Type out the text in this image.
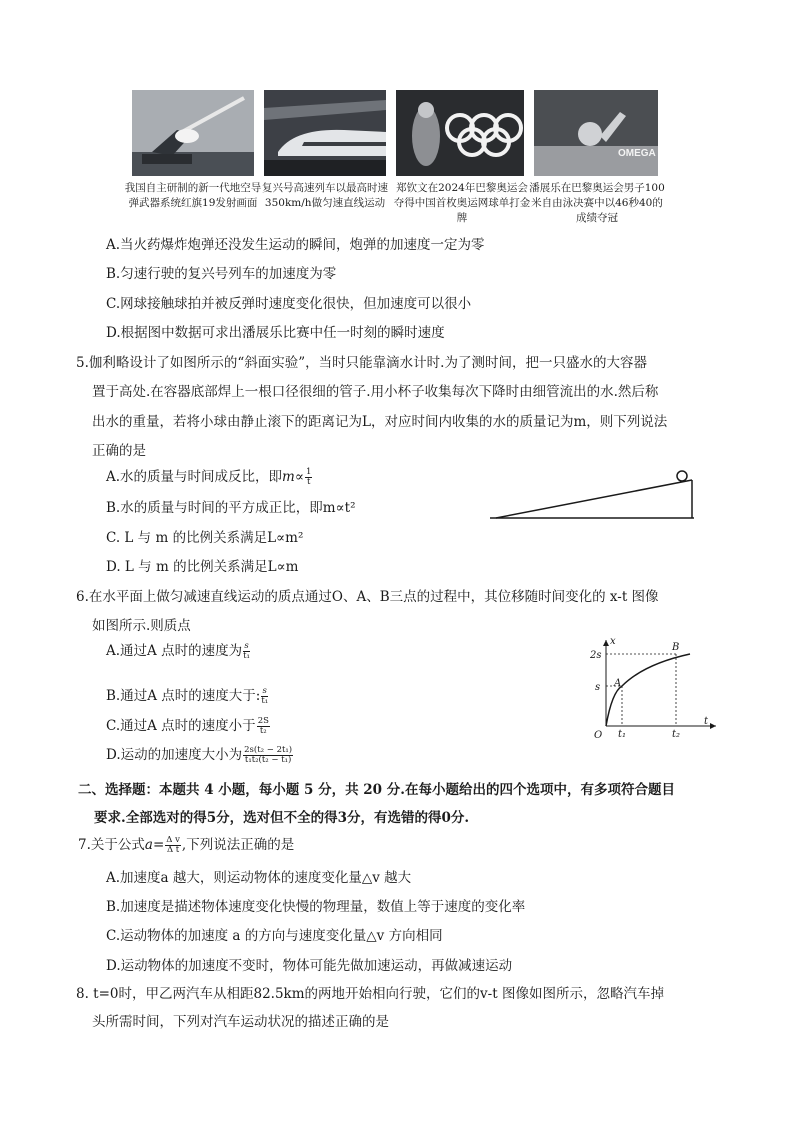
OMEGA
我国自主研制的新一代地空导弹武器系统红旗19发射画面
复兴号高速列车以最高时速350km/h做匀速直线运动
郑钦文在2024年巴黎奥运会夺得中国首枚奥运网球单打金牌
潘展乐在巴黎奥运会男子100米自由泳决赛中以46秒40的成绩夺冠
A.当火药爆炸炮弹还没发生运动的瞬间，炮弹的加速度一定为零
B.匀速行驶的复兴号列车的加速度为零
C.网球接触球拍并被反弹时速度变化很快，但加速度可以很小
D.根据图中数据可求出潘展乐比赛中任一时刻的瞬时速度
5.伽利略设计了如图所示的“斜面实验”，当时只能靠滴水计时.为了测时间，把一只盛水的大容器
置于高处.在容器底部焊上一根口径很细的管子.用小杯子收集每次下降时由细管流出的水.然后称
出水的重量，若将小球由静止滚下的距离记为L，对应时间内收集的水的质量记为m，则下列说法
正确的是
A.水的质量与时间成反比，即$m\propto \frac{1}{t}$
B.水的质量与时间的平方成正比，即m∝t²
C. L 与 m 的比例关系满足L∝m²
D. L 与 m 的比例关系满足L∝m
6.在水平面上做匀减速直线运动的质点通过O、A、B三点的过程中，其位移随时间变化的 x-t 图像
如图所示.则质点
A.通过A 点时的速度为 $\frac{s}{\text{t₁}}$
B.通过A 点时的速度大于: $\frac{s}{\text{t₁}}$
C.通过A 点时的速度小于 $\frac{2S}{\text{t₂}}$
D.运动的加速度大小为 $\frac{\text{2s(t₂ − 2t₁)}}{\text{t₁t₂(t₂ − t₁)}}$
x
t
O
A
B
s
2s
t₁	t₂
二、选择题：本题共 4 小题，每小题 5 分，共 20 分.在每小题给出的四个选项中，有多项符合题目
要求.全部选对的得5分，选对但不全的得3分，有选错的得0分.
7.关于公式$a= \frac{\text{Δ v}}{\text{Δ t}}$ ,下列说法正确的是
A.加速度a 越大，则运动物体的速度变化量△v 越大
B.加速度是描述物体速度变化快慢的物理量，数值上等于速度的变化率
C.运动物体的加速度 a 的方向与速度变化量△v 方向相同
D.运动物体的加速度不变时，物体可能先做加速运动，再做减速运动
8. t=0时，甲乙两汽车从相距82.5km的两地开始相向行驶，它们的v-t 图像如图所示，忽略汽车掉
头所需时间，下列对汽车运动状况的描述正确的是
